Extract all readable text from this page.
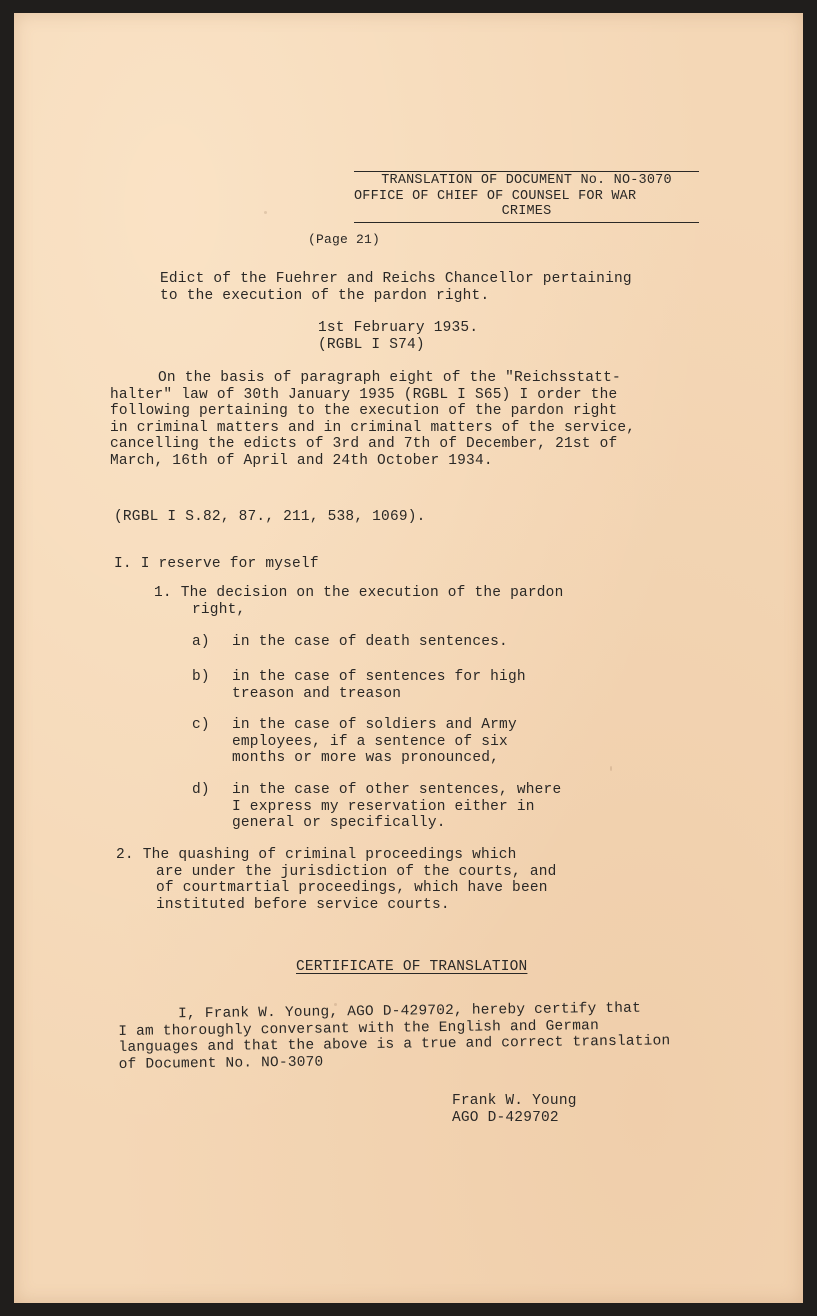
TRANSLATION OF DOCUMENT No. NO-3070
OFFICE OF CHIEF OF COUNSEL FOR WAR
CRIMES
(Page 21)
Edict of the Fuehrer and Reichs Chancellor pertaining
to the execution of the pardon right.
1st February 1935.
(RGBL I S74)
On the basis of paragraph eight of the "Reichsstatt-
halter" law of 30th January 1935 (RGBL I S65) I order the
following pertaining to the execution of the pardon right
in criminal matters and in criminal matters of the service,
cancelling the edicts of 3rd and 7th of December, 21st of
March, 16th of April and 24th October 1934.
(RGBL I S.82, 87., 211, 538, 1069).
I. I reserve for myself
1. The decision on the execution of the pardon
right,
a) in the case of death sentences.
b) in the case of sentences for high
treason and treason
c) in the case of soldiers and Army
employees, if a sentence of six
months or more was pronounced,
d) in the case of other sentences, where
I express my reservation either in
general or specifically.
2. The quashing of criminal proceedings which
are under the jurisdiction of the courts, and
of courtmartial proceedings, which have been
instituted before service courts.
CERTIFICATE OF TRANSLATION
I, Frank W. Young, AGO D-429702, hereby certify that
I am thoroughly conversant with the English and German
languages and that the above is a true and correct translation
of Document No. NO-3070
Frank W. Young
AGO D-429702
